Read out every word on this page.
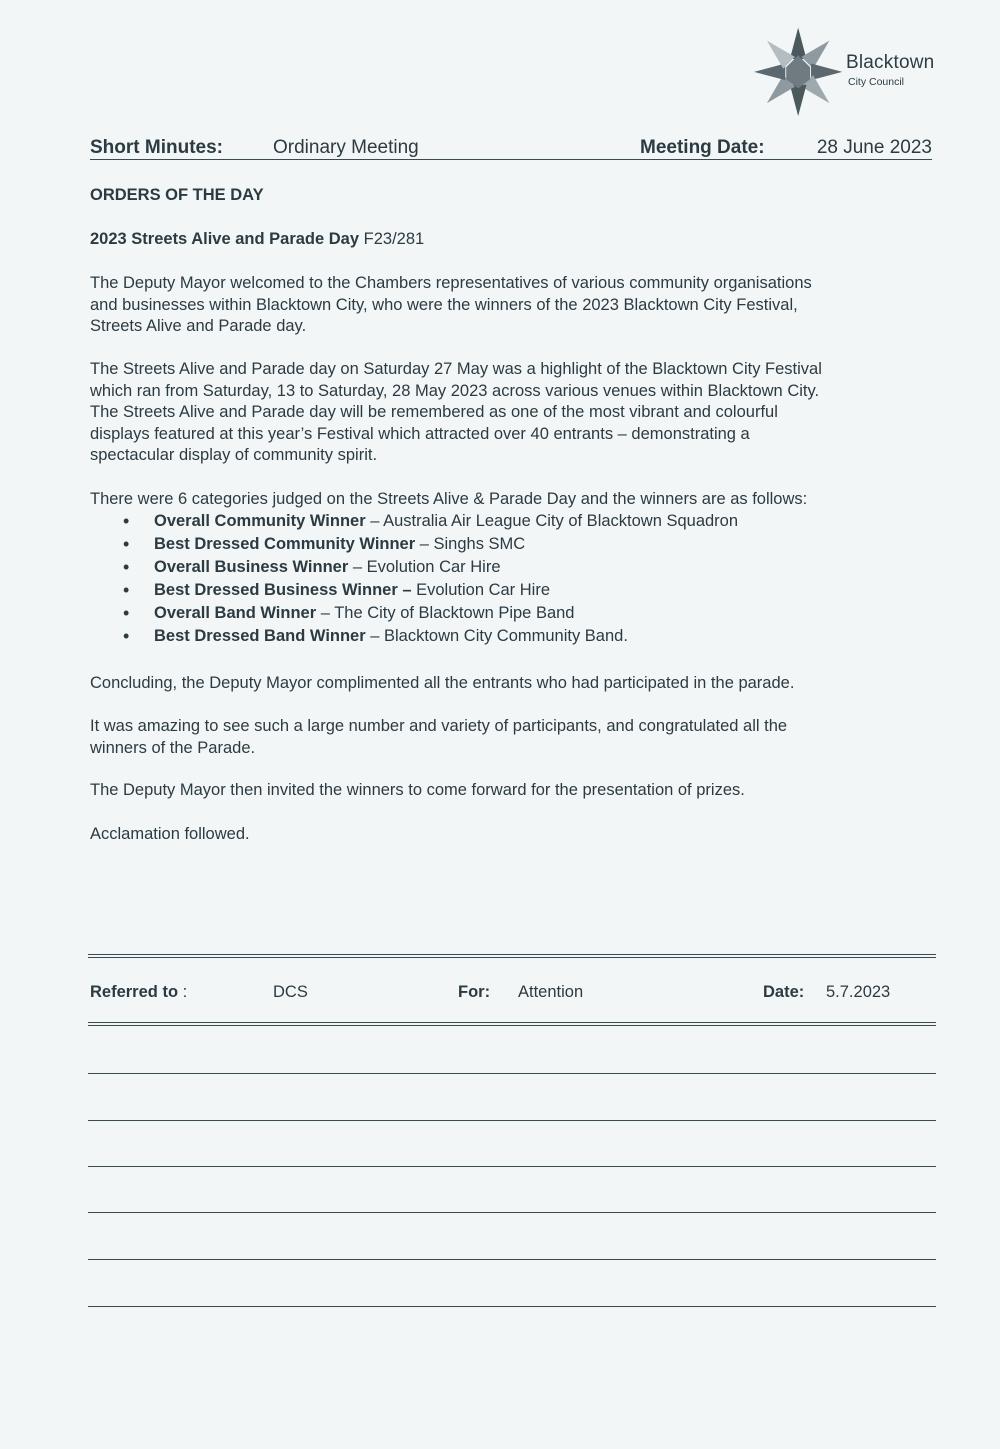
Blacktown
City Council
Short Minutes:	Ordinary Meeting	Meeting Date:	28 June 2023
ORDERS OF THE DAY
2023 Streets Alive and Parade Day F23/281
The Deputy Mayor welcomed to the Chambers representatives of various community organisations
and businesses within Blacktown City, who were the winners of the 2023 Blacktown City Festival,
Streets Alive and Parade day.
The Streets Alive and Parade day on Saturday 27 May was a highlight of the Blacktown City Festival
which ran from Saturday, 13 to Saturday, 28 May 2023 across various venues within Blacktown City.
The Streets Alive and Parade day will be remembered as one of the most vibrant and colourful
displays featured at this year’s Festival which attracted over 40 entrants – demonstrating a
spectacular display of community spirit.
There were 6 categories judged on the Streets Alive & Parade Day and the winners are as follows:
• Overall Community Winner – Australia Air League City of Blacktown Squadron
• Best Dressed Community Winner – Singhs SMC
• Overall Business Winner – Evolution Car Hire
• Best Dressed Business Winner – Evolution Car Hire
• Overall Band Winner – The City of Blacktown Pipe Band
• Best Dressed Band Winner – Blacktown City Community Band.
Concluding, the Deputy Mayor complimented all the entrants who had participated in the parade.
It was amazing to see such a large number and variety of participants, and congratulated all the
winners of the Parade.
The Deputy Mayor then invited the winners to come forward for the presentation of prizes.
Acclamation followed.
Referred to :	DCS	For: Attention	Date: 5.7.2023
